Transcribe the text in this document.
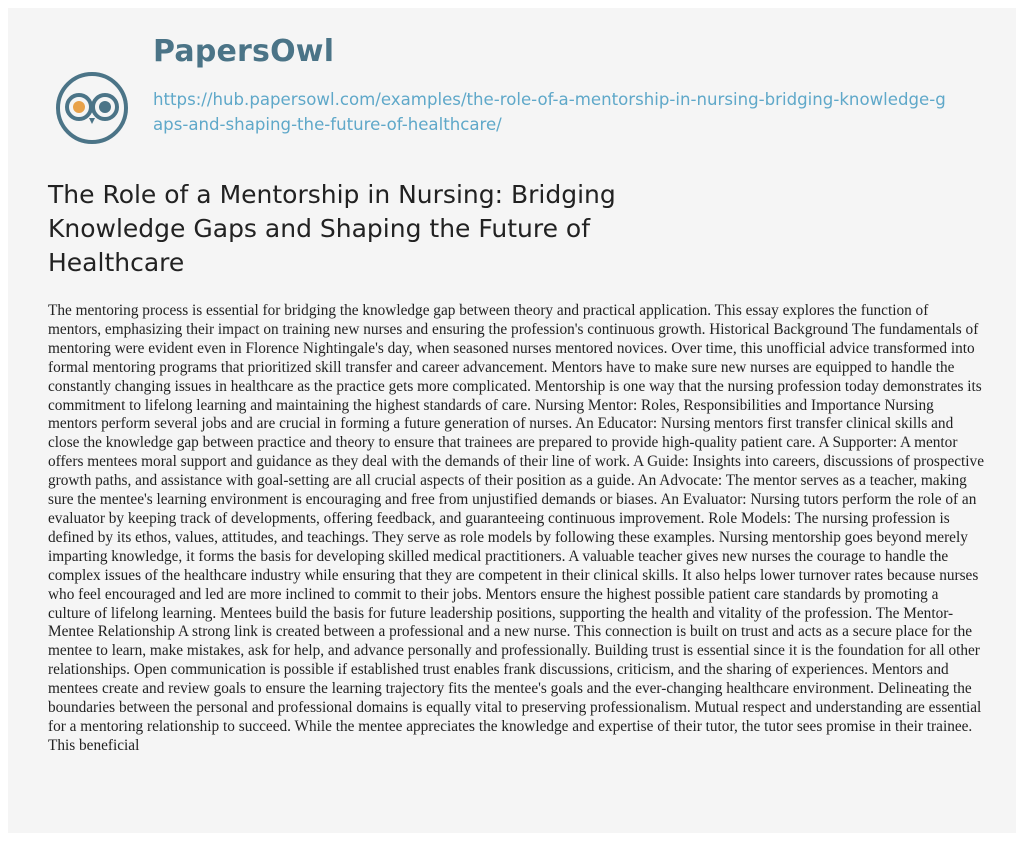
PapersOwl
https://hub.papersowl.com/examples/the-role-of-a-mentorship-in-nursing-bridging-knowledge-gaps-and-shaping-the-future-of-healthcare/
The Role of a Mentorship in Nursing: Bridging Knowledge Gaps and Shaping the Future of Healthcare

The mentoring process is essential for bridging the knowledge gap between theory and practical application. This essay explores the function of mentors, emphasizing their impact on training new nurses and ensuring the profession's continuous growth. Historical Background The fundamentals of mentoring were evident even in Florence Nightingale's day, when seasoned nurses mentored novices. Over time, this unofficial advice transformed into formal mentoring programs that prioritized skill transfer and career advancement. Mentors have to make sure new nurses are equipped to handle the constantly changing issues in healthcare as the practice gets more complicated. Mentorship is one way that the nursing profession today demonstrates its commitment to lifelong learning and maintaining the highest standards of care. Nursing Mentor: Roles, Responsibilities and Importance Nursing mentors perform several jobs and are crucial in forming a future generation of nurses. An Educator: Nursing mentors first transfer clinical skills and close the knowledge gap between practice and theory to ensure that trainees are prepared to provide high-quality patient care. A Supporter: A mentor offers mentees moral support and guidance as they deal with the demands of their line of work. A Guide: Insights into careers, discussions of prospective growth paths, and assistance with goal-setting are all crucial aspects of their position as a guide. An Advocate: The mentor serves as a teacher, making sure the mentee's learning environment is encouraging and free from unjustified demands or biases. An Evaluator: Nursing tutors perform the role of an evaluator by keeping track of developments, offering feedback, and guaranteeing continuous improvement. Role Models: The nursing profession is defined by its ethos, values, attitudes, and teachings. They serve as role models by following these examples. Nursing mentorship goes beyond merely imparting knowledge, it forms the basis for developing skilled medical practitioners. A valuable teacher gives new nurses the courage to handle the complex issues of the healthcare industry while ensuring that they are competent in their clinical skills. It also helps lower turnover rates because nurses who feel encouraged and led are more inclined to commit to their jobs. Mentors ensure the highest possible patient care standards by promoting a culture of lifelong learning. Mentees build the basis for future leadership positions, supporting the health and vitality of the profession. The Mentor-Mentee Relationship A strong link is created between a professional and a new nurse. This connection is built on trust and acts as a secure place for the mentee to learn, make mistakes, ask for help, and advance personally and professionally. Building trust is essential since it is the foundation for all other relationships. Open communication is possible if established trust enables frank discussions, criticism, and the sharing of experiences. Mentors and mentees create and review goals to ensure the learning trajectory fits the mentee's goals and the ever-changing healthcare environment. Delineating the boundaries between the personal and professional domains is equally vital to preserving professionalism. Mutual respect and understanding are essential for a mentoring relationship to succeed. While the mentee appreciates the knowledge and expertise of their tutor, the tutor sees promise in their trainee. This beneficial
